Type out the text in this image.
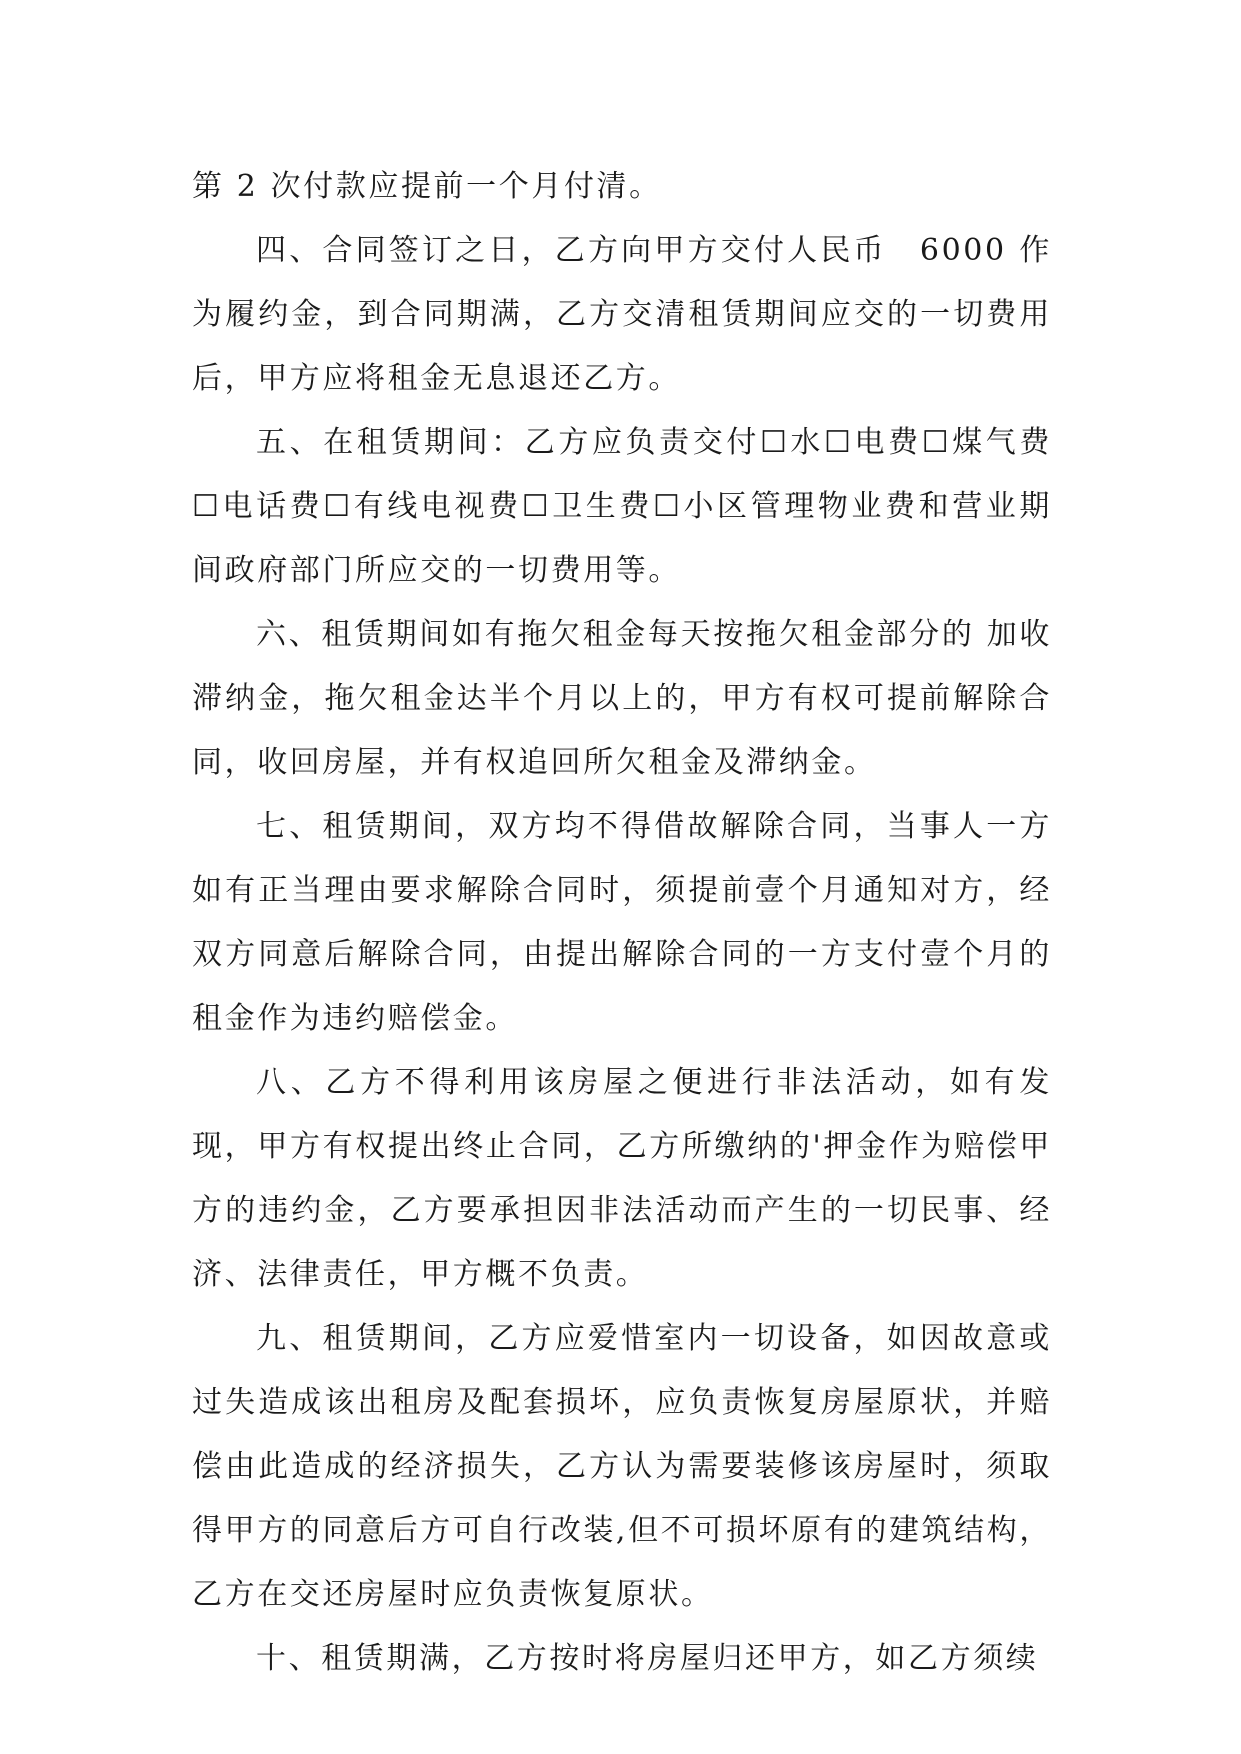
第 2 次付款应提前一个月付清。

四、合同签订之日，乙方向甲方交付人民币　6000 作为履约金，到合同期满，乙方交清租赁期间应交的一切费用后，甲方应将租金无息退还乙方。

五、在租赁期间：乙方应负责交付☐水☐电费☐煤气费☐电话费☐有线电视费☐卫生费☐小区管理物业费和营业期间政府部门所应交的一切费用等。

六、租赁期间如有拖欠租金每天按拖欠租金部分的 加收滞纳金，拖欠租金达半个月以上的，甲方有权可提前解除合同，收回房屋，并有权追回所欠租金及滞纳金。

七、租赁期间，双方均不得借故解除合同，当事人一方如有正当理由要求解除合同时，须提前壹个月通知对方，经双方同意后解除合同，由提出解除合同的一方支付壹个月的租金作为违约赔偿金。

八、乙方不得利用该房屋之便进行非法活动，如有发现，甲方有权提出终止合同，乙方所缴纳的'押金作为赔偿甲方的违约金，乙方要承担因非法活动而产生的一切民事、经济、法律责任，甲方概不负责。

九、租赁期间，乙方应爱惜室内一切设备，如因故意或过失造成该出租房及配套损坏，应负责恢复房屋原状，并赔偿由此造成的经济损失，乙方认为需要装修该房屋时，须取得甲方的同意后方可自行改装,但不可损坏原有的建筑结构，乙方在交还房屋时应负责恢复原状。

十、租赁期满，乙方按时将房屋归还甲方，如乙方须续
